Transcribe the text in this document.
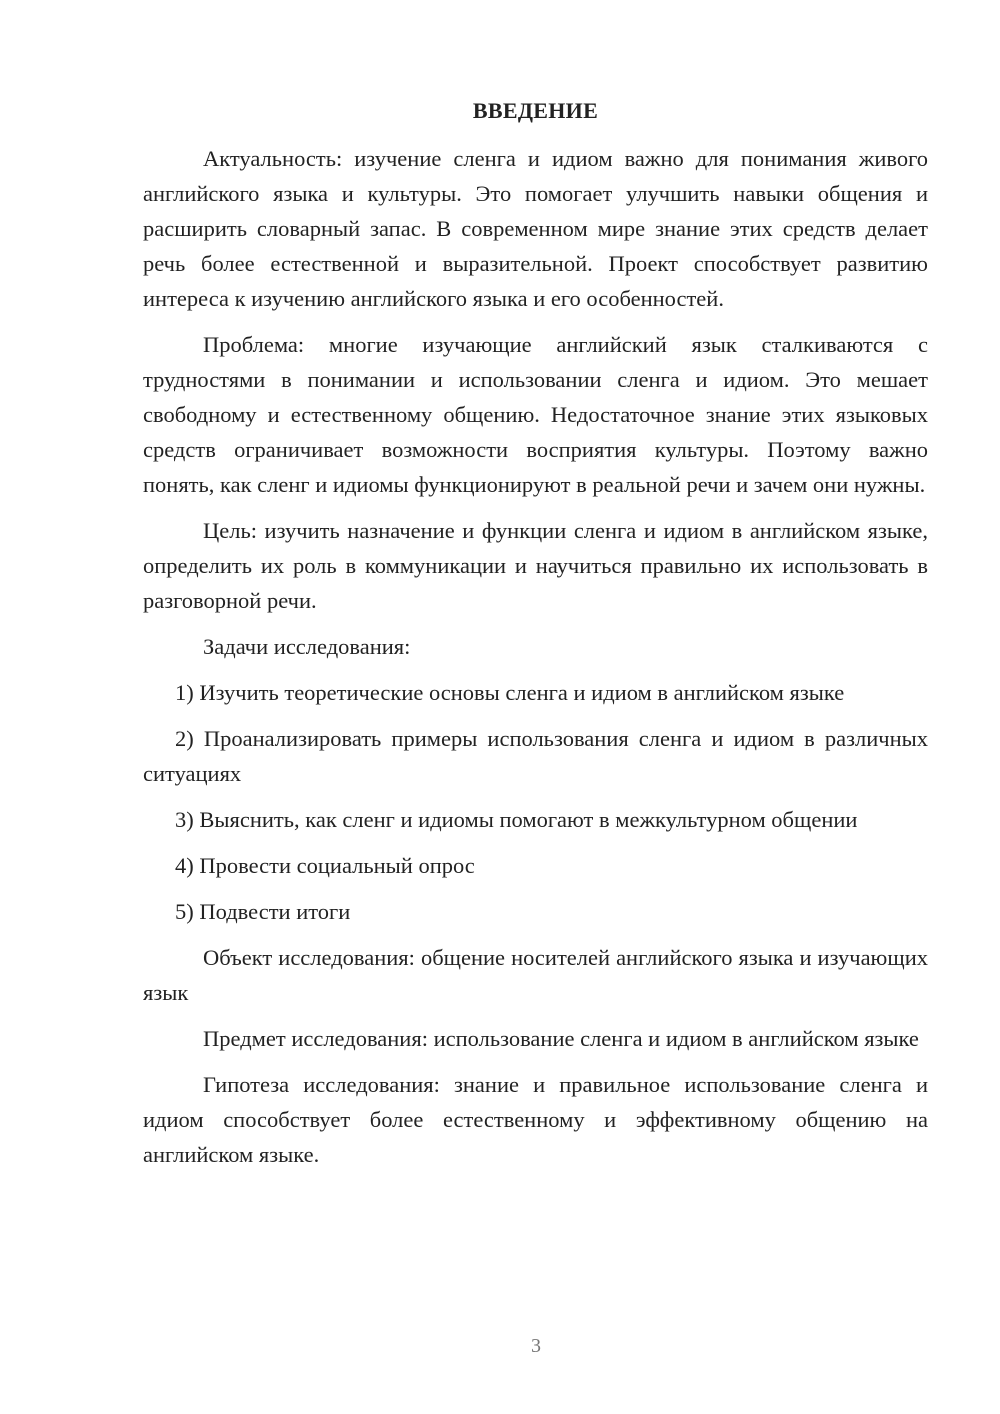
ВВЕДЕНИЕ

Актуальность: изучение сленга и идиом важно для понимания живого английского языка и культуры. Это помогает улучшить навыки общения и расширить словарный запас. В современном мире знание этих средств делает речь более естественной и выразительной. Проект способствует развитию интереса к изучению английского языка и его особенностей.

Проблема: многие изучающие английский язык сталкиваются с трудностями в понимании и использовании сленга и идиом. Это мешает свободному и естественному общению. Недостаточное знание этих языковых средств ограничивает возможности восприятия культуры. Поэтому важно понять, как сленг и идиомы функционируют в реальной речи и зачем они нужны.

Цель: изучить назначение и функции сленга и идиом в английском языке, определить их роль в коммуникации и научиться правильно их использовать в разговорной речи.

Задачи исследования:

1) Изучить теоретические основы сленга и идиом в английском языке

2) Проанализировать примеры использования сленга и идиом в различных ситуациях

3) Выяснить, как сленг и идиомы помогают в межкультурном общении

4) Провести социальный опрос

5) Подвести итоги

Объект исследования: общение носителей английского языка и изучающих язык

Предмет исследования: использование сленга и идиом в английском языке

Гипотеза исследования: знание и правильное использование сленга и идиом способствует более естественному и эффективному общению на английском языке.

3
